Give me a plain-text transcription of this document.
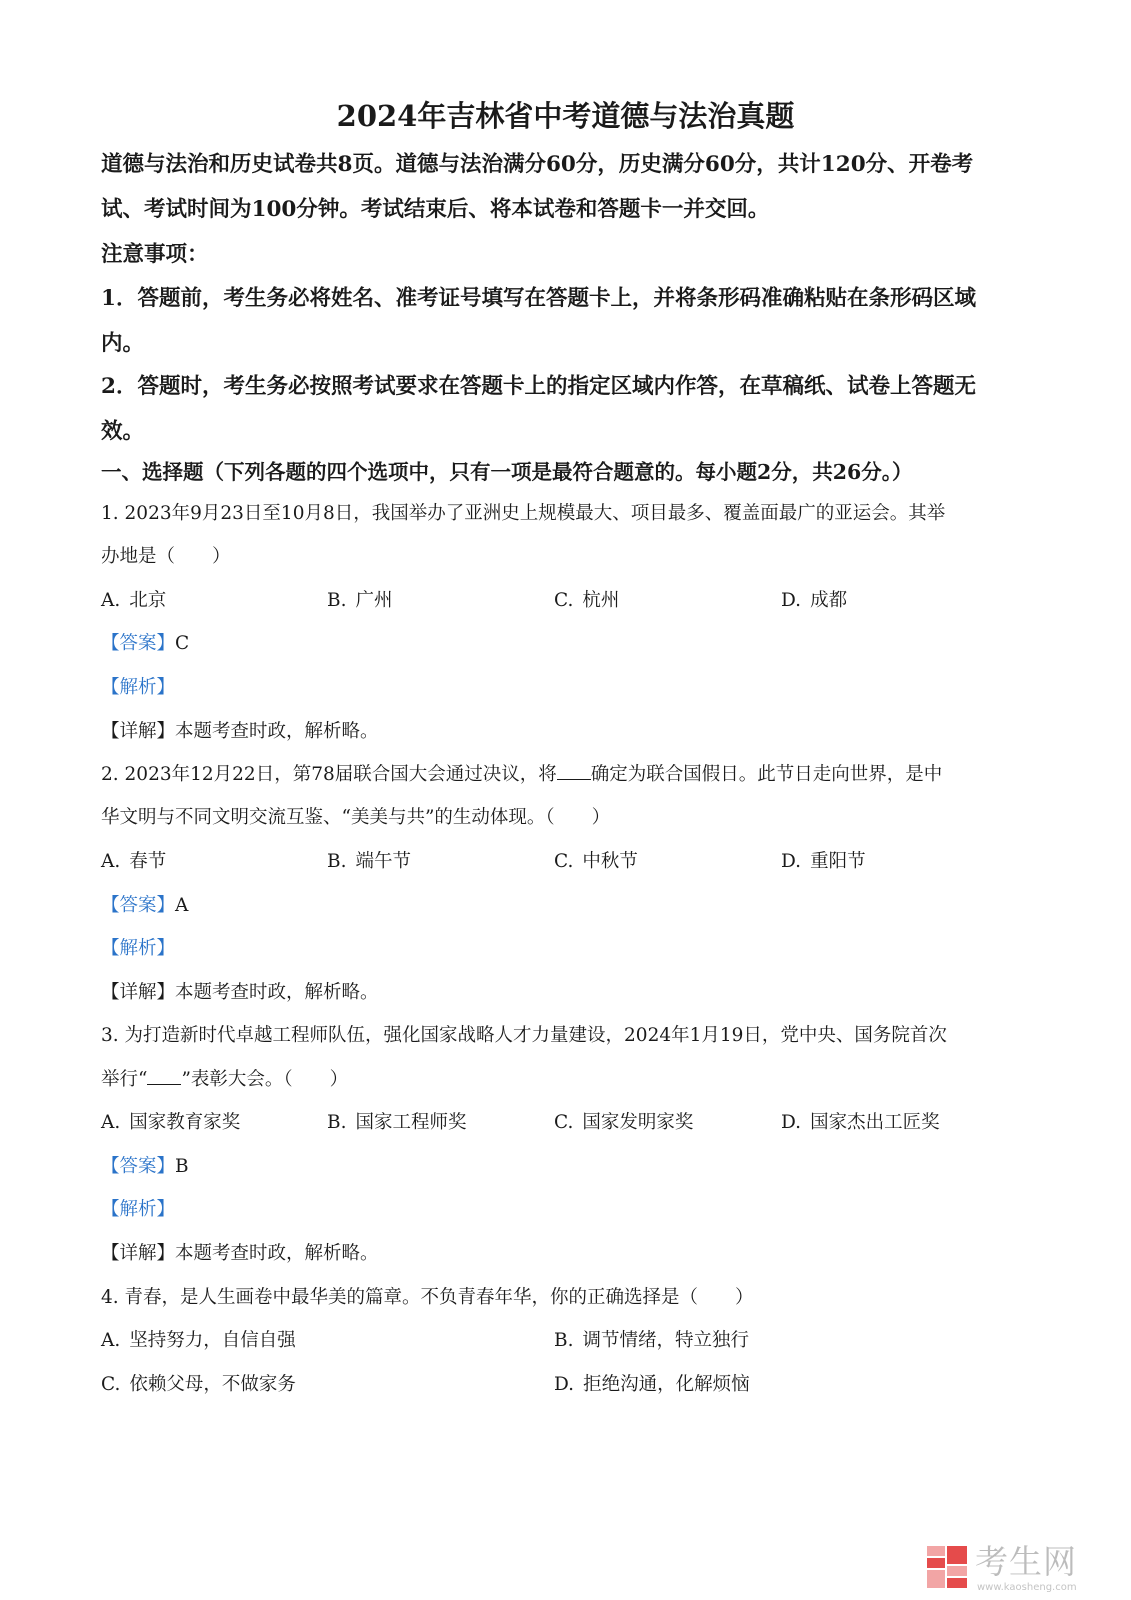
2024年吉林省中考道德与法治真题
道德与法治和历史试卷共8页。道德与法治满分60分，历史满分60分，共计120分、开卷考试、考试时间为100分钟。考试结束后、将本试卷和答题卡一并交回。
注意事项：
1．答题前，考生务必将姓名、准考证号填写在答题卡上，并将条形码准确粘贴在条形码区域内。
2．答题时，考生务必按照考试要求在答题卡上的指定区域内作答，在草稿纸、试卷上答题无效。
一、选择题（下列各题的四个选项中，只有一项是最符合题意的。每小题2分，共26分。）
1. 2023年9月23日至10月8日，我国举办了亚洲史上规模最大、项目最多、覆盖面最广的亚运会。其举
办地是（　　）
A. 北京	B. 广州	C. 杭州	D. 成都
【答案】C
【解析】
【详解】本题考查时政，解析略。
2. 2023年12月22日，第78届联合国大会通过决议，将 确定为联合国假日。此节日走向世界，是中
华文明与不同文明交流互鉴、“美美与共”的生动体现。（　　）
A. 春节	B. 端午节	C. 中秋节	D. 重阳节
【答案】A
【解析】
【详解】本题考查时政，解析略。
3. 为打造新时代卓越工程师队伍，强化国家战略人才力量建设，2024年1月19日，党中央、国务院首次
举行“ ”表彰大会。（　　）
A. 国家教育家奖	B. 国家工程师奖	C. 国家发明家奖	D. 国家杰出工匠奖
【答案】B
【解析】
【详解】本题考查时政，解析略。
4. 青春，是人生画卷中最华美的篇章。不负青春年华，你的正确选择是（　　）
A. 坚持努力，自信自强	B. 调节情绪，特立独行
C. 依赖父母，不做家务	D. 拒绝沟通，化解烦恼
考生网
www.kaosheng.com
